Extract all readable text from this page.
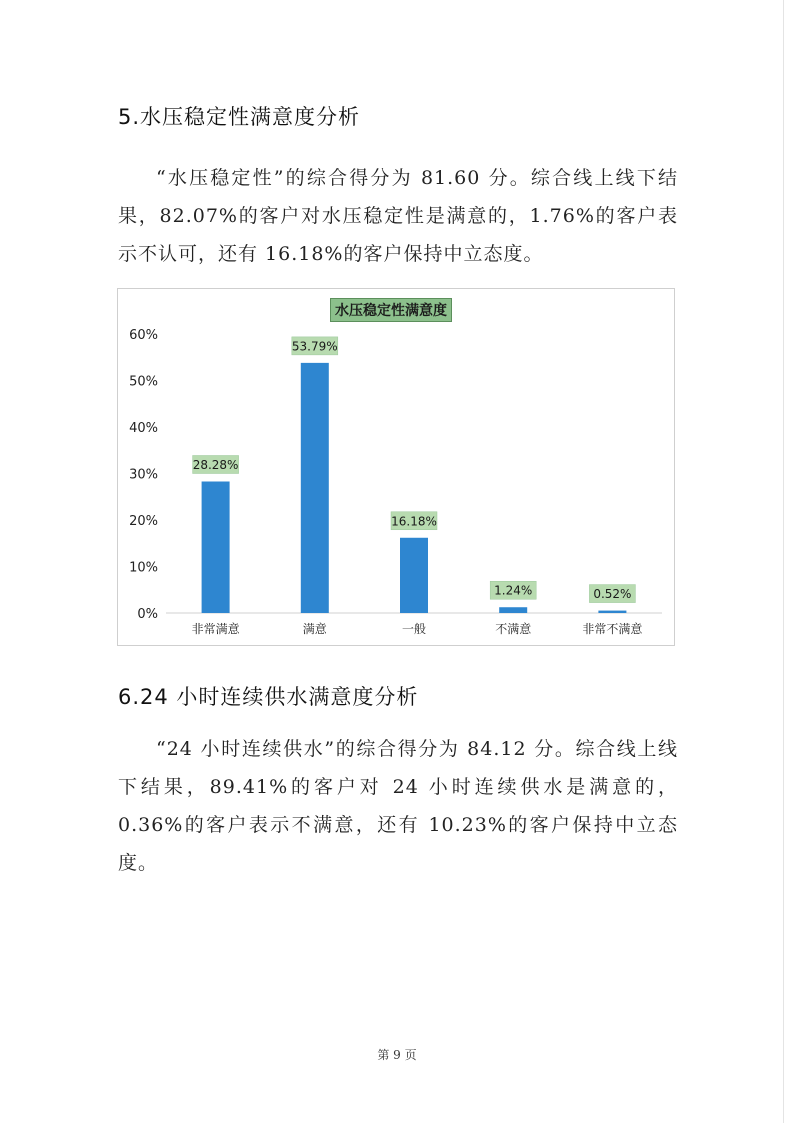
5.水压稳定性满意度分析

“水压稳定性”的综合得分为 81.60 分。综合线上线下结果，82.07%的客户对水压稳定性是满意的，1.76%的客户表示不认可，还有 16.18%的客户保持中立态度。

水压稳定性满意度
0%
10%
20%
30%
40%
50%
60%
28.28%
非常满意
53.79%
满意
16.18%
一般
1.24%
不满意
0.52%
非常不满意
6.24 小时连续供水满意度分析

“24 小时连续供水”的综合得分为 84.12 分。综合线上线下结果，89.41%的客户对 24 小时连续供水是满意的，0.36%的客户表示不满意，还有 10.23%的客户保持中立态度。

第 9 页
